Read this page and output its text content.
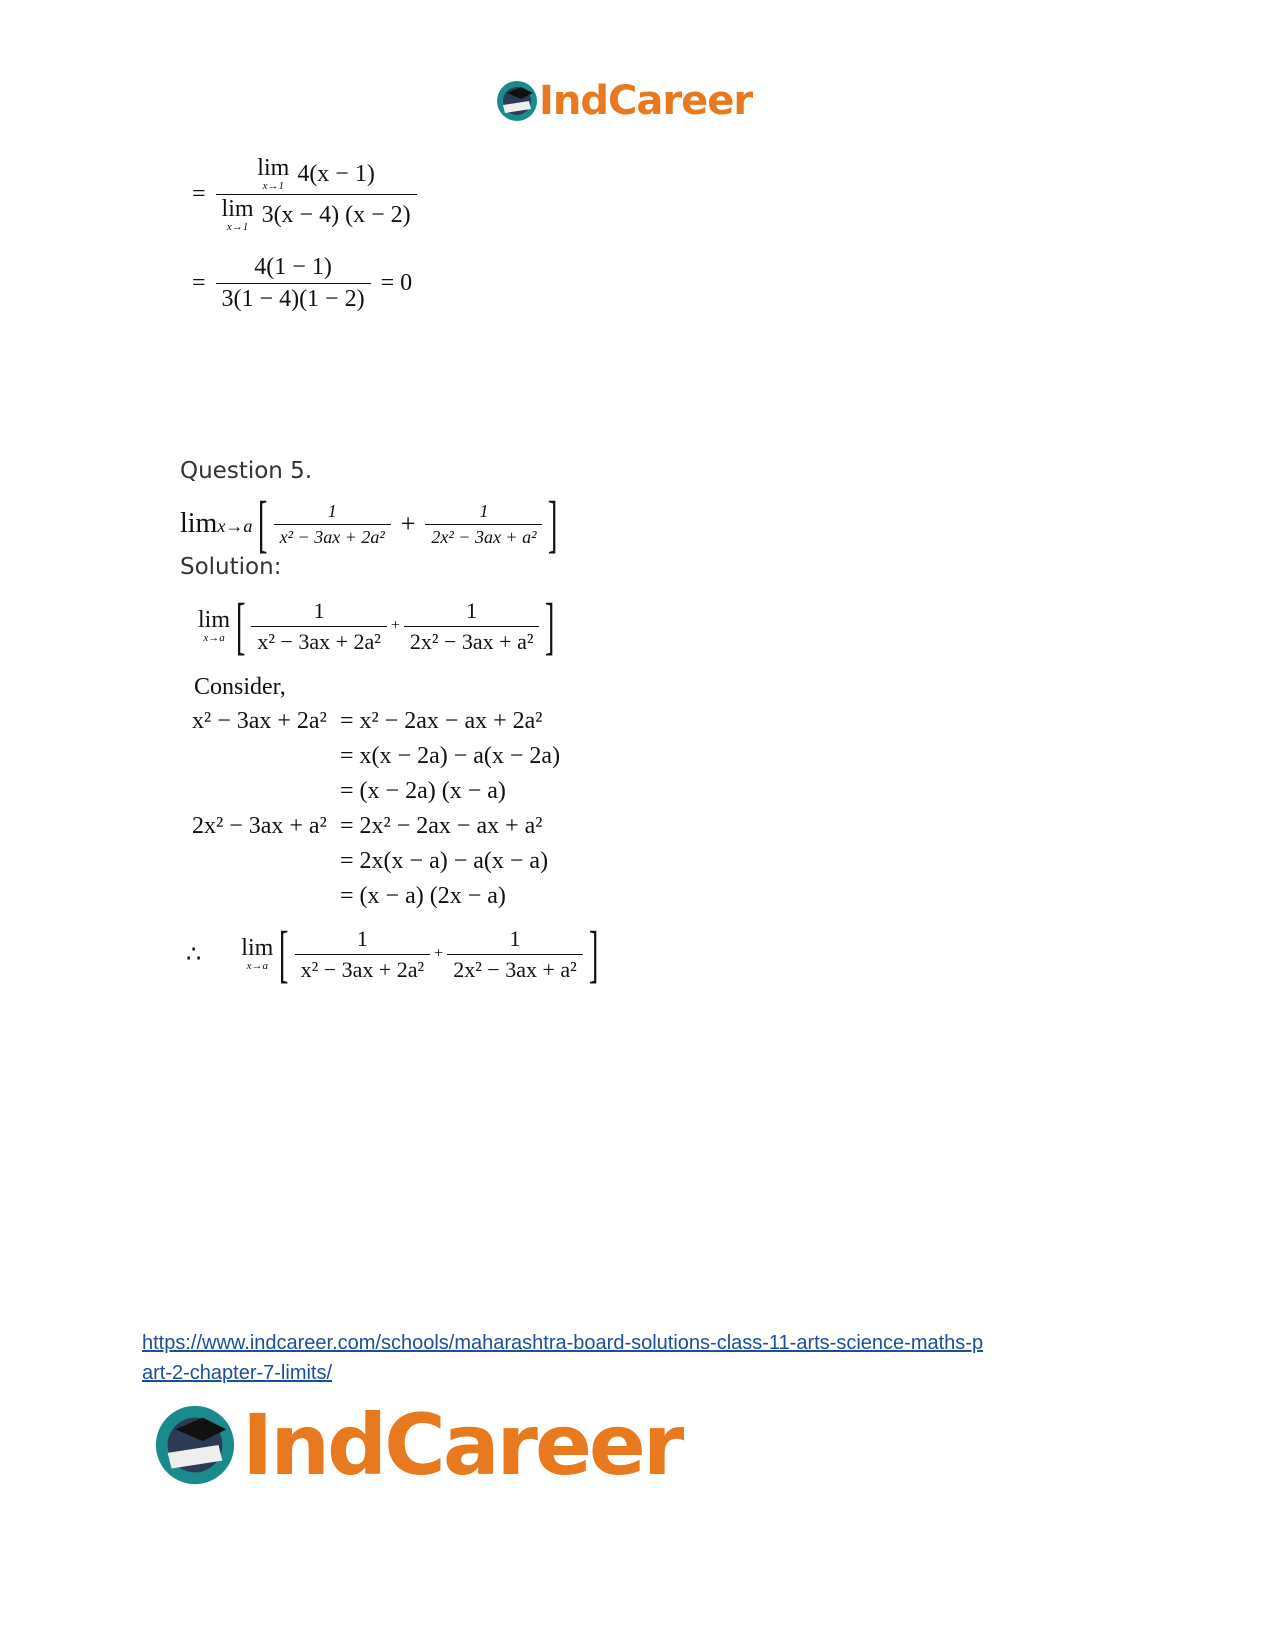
IndCareer
= lim
x→1 4(x − 1)
lim
x→1 3(x − 4) (x − 2)
= $\frac{4(1 - 1)}{3(1 - 4)(1 - 2)} = 0$
Question 5.
limx→a [ $\frac{1}{\text{x² − 3ax + 2a²}} + \frac{1}{\text{2x² − 3ax + a²}}$ ]
Solution:
lim
x→a [ $\frac{1}{\text{x² − 3ax + 2a²}} + \frac{1}{\text{2x² − 3ax + a²}}$ ]
Consider,
x² − 3ax + 2a² = x² − 2ax − ax + 2a²
= x(x − 2a) − a(x − 2a)
= (x − 2a) (x − a)
2x² − 3ax + a² = 2x² − 2ax − ax + a²
= 2x(x − a) − a(x − a)
= (x − a) (2x − a)
∴ lim
x→a [ $\frac{1}{\text{x² − 3ax + 2a²}} + \frac{1}{\text{2x² − 3ax + a²}}$ ]
https://www.indcareer.com/schools/maharashtra-board-solutions-class-11-arts-science-maths-p
art-2-chapter-7-limits/
IndCareer
